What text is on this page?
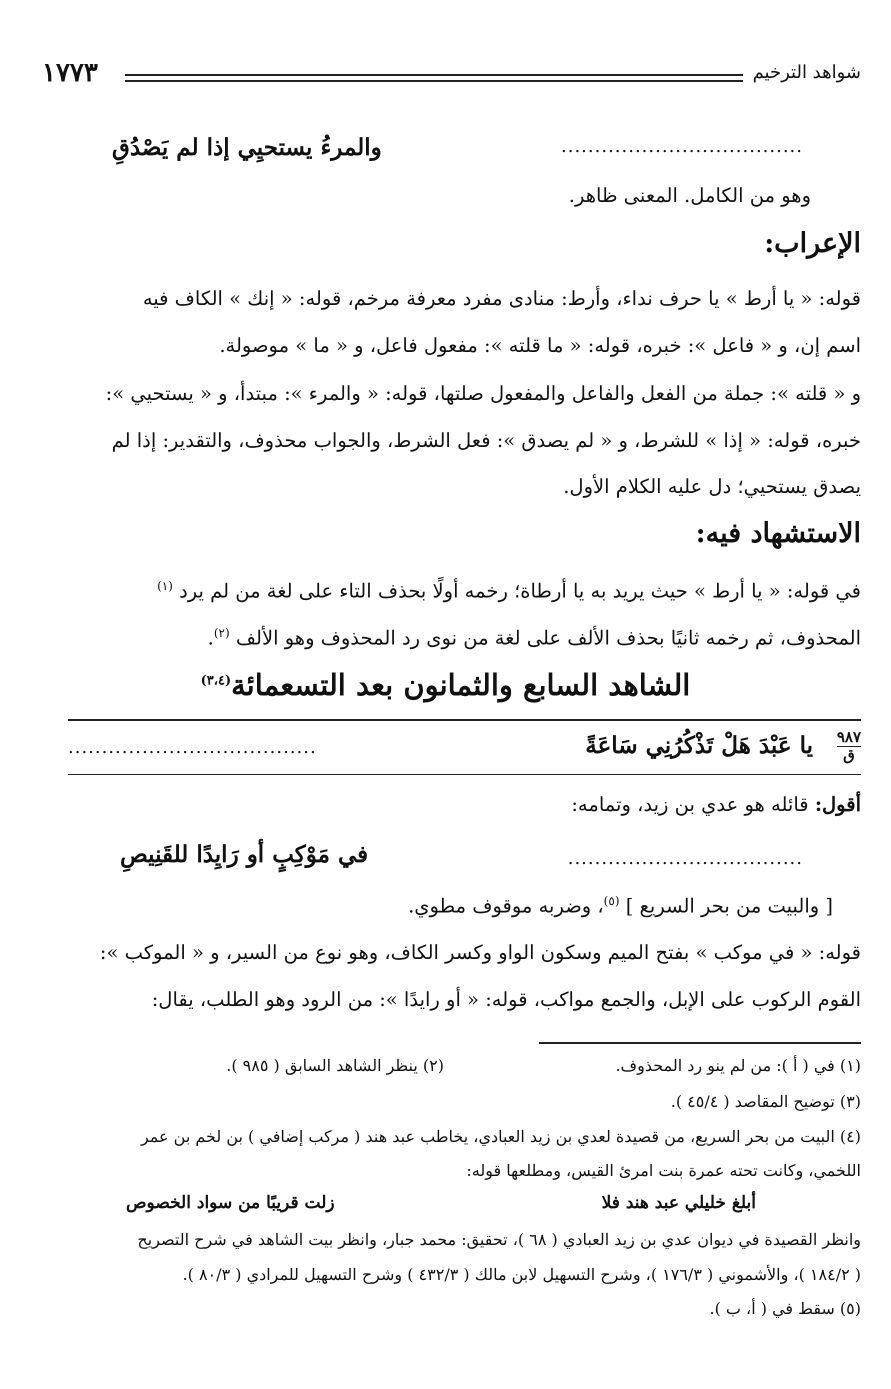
شواهد الترخيم
١٧٧٣
والمرءُ يستحيِي إذا لم يَصْدُقِ	....................................
وهو من الكامل. المعنى ظاهر.
الإعراب:
قوله: « يا أرط » يا حرف نداء، وأرط: منادى مفرد معرفة مرخم، قوله: « إنك » الكاف فيه
اسم إن، و « فاعل »: خبره، قوله: « ما قلته »: مفعول فاعل، و « ما » موصولة.
و « قلته »: جملة من الفعل والفاعل والمفعول صلتها، قوله: « والمرء »: مبتدأ، و « يستحيي »:
خبره، قوله: « إذا » للشرط، و « لم يصدق »: فعل الشرط، والجواب محذوف، والتقدير: إذا لم
يصدق يستحيي؛ دل عليه الكلام الأول.
الاستشهاد فيه:
في قوله: « يا أرط » حيث يريد به يا أرطاة؛ رخمه أولًا بحذف التاء على لغة من لم يرد $^{(١)}$
المحذوف، ثم رخمه ثانيًا بحذف الألف على لغة من نوى رد المحذوف وهو الألف $^{(٢)}$.
الشاهد السابع والثمانون بعد التسعمائة$^{(٣،٤)}$
٩٨٧
ق
يا عَبْدَ هَلْ تَذْكُرُنِي سَاعَةً
.....................................
أقول: قائله هو عدي بن زيد، وتمامه:
في مَوْكِبٍ أو رَايِدًا للقَنِيصِ	...................................
[ والبيت من بحر السريع ] $^{(٥)}$، وضربه موقوف مطوي.
قوله: « في موكب » بفتح الميم وسكون الواو وكسر الكاف، وهو نوع من السير، و « الموكب »:
القوم الركوب على الإبل، والجمع مواكب، قوله: « أو رايدًا »: من الرود وهو الطلب، يقال:
(١) في ( أ ): من لم ينو رد المحذوف.
(٢) ينظر الشاهد السابق ( ٩٨٥ ).
(٣) توضيح المقاصد ( ٤٥/٤ ).
(٤) البيت من بحر السريع، من قصيدة لعدي بن زيد العبادي، يخاطب عبد هند ( مركب إضافي ) بن لخم بن عمر
اللخمي، وكانت تحته عمرة بنت امرئ القيس، ومطلعها قوله:
أبلغ خليلي عبد هند فلا
زلت قريبًا من سواد الخصوص
وانظر القصيدة في ديوان عدي بن زيد العبادي ( ٦٨ )، تحقيق: محمد جبار، وانظر بيت الشاهد في شرح التصريح
( ١٨٤/٢ )، والأشموني ( ١٧٦/٣ )، وشرح التسهيل لابن مالك ( ٤٣٢/٣ ) وشرح التسهيل للمرادي ( ٨٠/٣ ).
(٥) سقط في ( أ، ب ).
